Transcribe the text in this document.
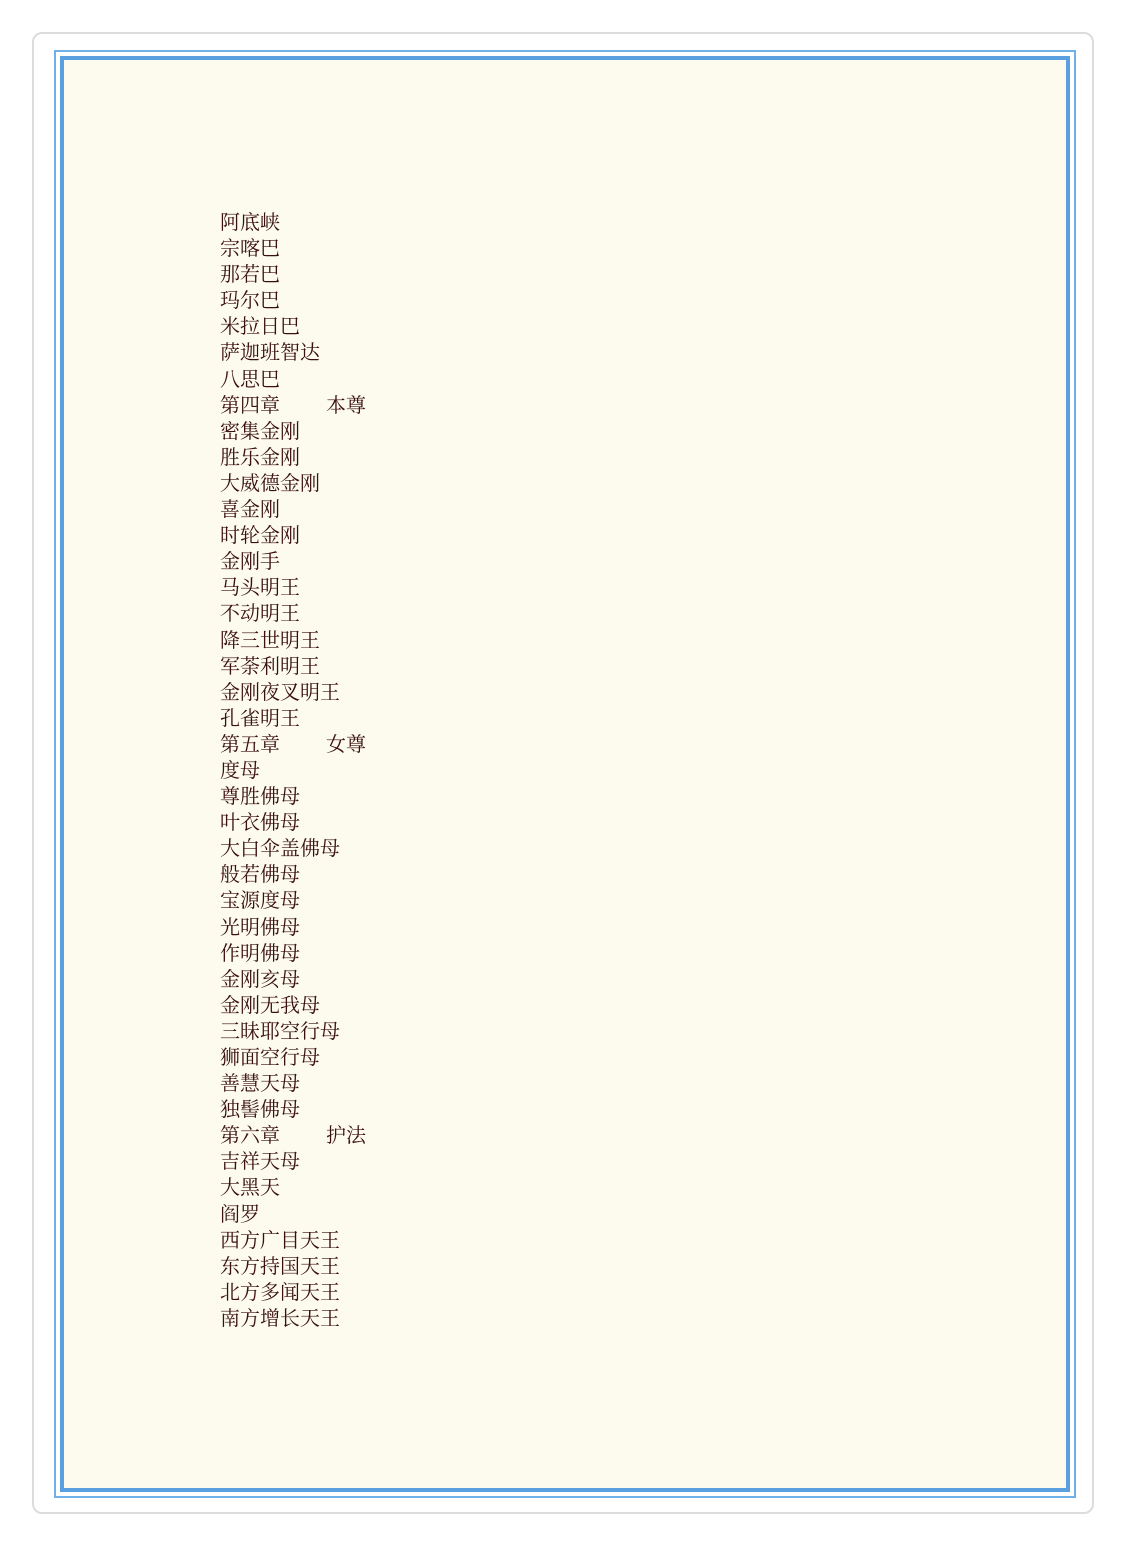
阿底峡
宗喀巴
那若巴
玛尔巴
米拉日巴
萨迦班智达
八思巴
第四章 本尊
密集金刚
胜乐金刚
大威德金刚
喜金刚
时轮金刚
金刚手
马头明王
不动明王
降三世明王
军荼利明王
金刚夜叉明王
孔雀明王
第五章 女尊
度母
尊胜佛母
叶衣佛母
大白伞盖佛母
般若佛母
宝源度母
光明佛母
作明佛母
金刚亥母
金刚无我母
三昧耶空行母
狮面空行母
善慧天母
独髻佛母
第六章 护法
吉祥天母
大黑天
阎罗
西方广目天王
东方持国天王
北方多闻天王
南方增长天王
